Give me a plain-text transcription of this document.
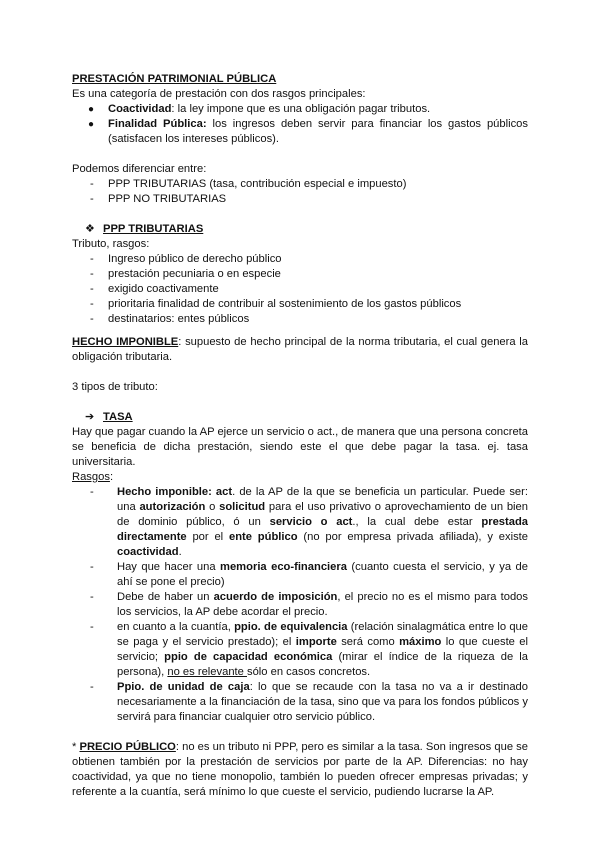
PRESTACIÓN PATRIMONIAL PÚBLICA

Es una categoría de prestación con dos rasgos principales:

● Coactividad: la ley impone que es una obligación pagar tributos.
● Finalidad Pública: los ingresos deben servir para financiar los gastos públicos (satisfacen los intereses públicos).

Podemos diferenciar entre:

- PPP TRIBUTARIAS (tasa, contribución especial e impuesto)
- PPP NO TRIBUTARIAS

❖ PPP TRIBUTARIAS

Tributo, rasgos:

- Ingreso público de derecho público
- prestación pecuniaria o en especie
- exigido coactivamente
- prioritaria finalidad de contribuir al sostenimiento de los gastos públicos
- destinatarios: entes públicos

HECHO IMPONIBLE: supuesto de hecho principal de la norma tributaria, el cual genera la obligación tributaria.

3 tipos de tributo:

➔ TASA

Hay que pagar cuando la AP ejerce un servicio o act., de manera que una persona concreta se beneficia de dicha prestación, siendo este el que debe pagar la tasa. ej. tasa universitaria.

Rasgos:

- Hecho imponible: act. de la AP de la que se beneficia un particular. Puede ser: una autorización o solicitud para el uso privativo o aprovechamiento de un bien de dominio público, ó un servicio o act., la cual debe estar prestada directamente por el ente público (no por empresa privada afiliada), y existe coactividad.
- Hay que hacer una memoria eco-financiera (cuanto cuesta el servicio, y ya de ahí se pone el precio)
- Debe de haber un acuerdo de imposición, el precio no es el mismo para todos los servicios, la AP debe acordar el precio.
- en cuanto a la cuantía, ppio. de equivalencia (relación sinalagmática entre lo que se paga y el servicio prestado); el importe será como máximo lo que cueste el servicio; ppio de capacidad económica (mirar el índice de la riqueza de la persona), no es relevante sólo en casos concretos.
- Ppio. de unidad de caja: lo que se recaude con la tasa no va a ir destinado necesariamente a la financiación de la tasa, sino que va para los fondos públicos y servirá para financiar cualquier otro servicio público.

* PRECIO PÚBLICO: no es un tributo ni PPP, pero es similar a la tasa. Son ingresos que se obtienen también por la prestación de servicios por parte de la AP. Diferencias: no hay coactividad, ya que no tiene monopolio, también lo pueden ofrecer empresas privadas; y referente a la cuantía, será mínimo lo que cueste el servicio, pudiendo lucrarse la AP.
